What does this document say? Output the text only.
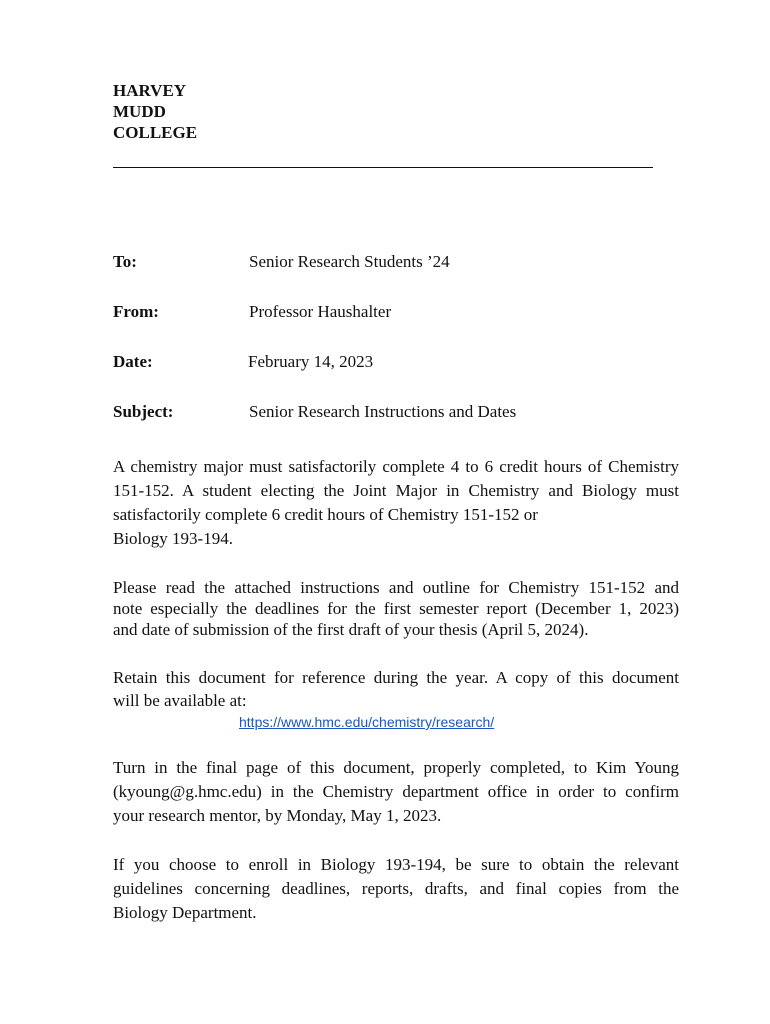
HARVEY
MUDD
COLLEGE
To:	Senior Research Students ’24
From:	Professor Haushalter
Date:	February 14, 2023
Subject:	Senior Research Instructions and Dates
A chemistry major must satisfactorily complete 4 to 6 credit hours of Chemistry
151-152. A student electing the Joint Major in Chemistry and Biology must
satisfactorily complete 6 credit hours of Chemistry 151-152 or
Biology 193-194.
Please read the attached instructions and outline for Chemistry 151-152 and
note especially the deadlines for the first semester report (December 1, 2023)
and date of submission of the first draft of your thesis (April 5, 2024).
Retain this document for reference during the year. A copy of this document
will be available at:
https://www.hmc.edu/chemistry/research/
Turn in the final page of this document, properly completed, to Kim Young
(kyoung@g.hmc.edu) in the Chemistry department office in order to confirm
your research mentor, by Monday, May 1, 2023.
If you choose to enroll in Biology 193-194, be sure to obtain the relevant
guidelines concerning deadlines, reports, drafts, and final copies from the
Biology Department.
